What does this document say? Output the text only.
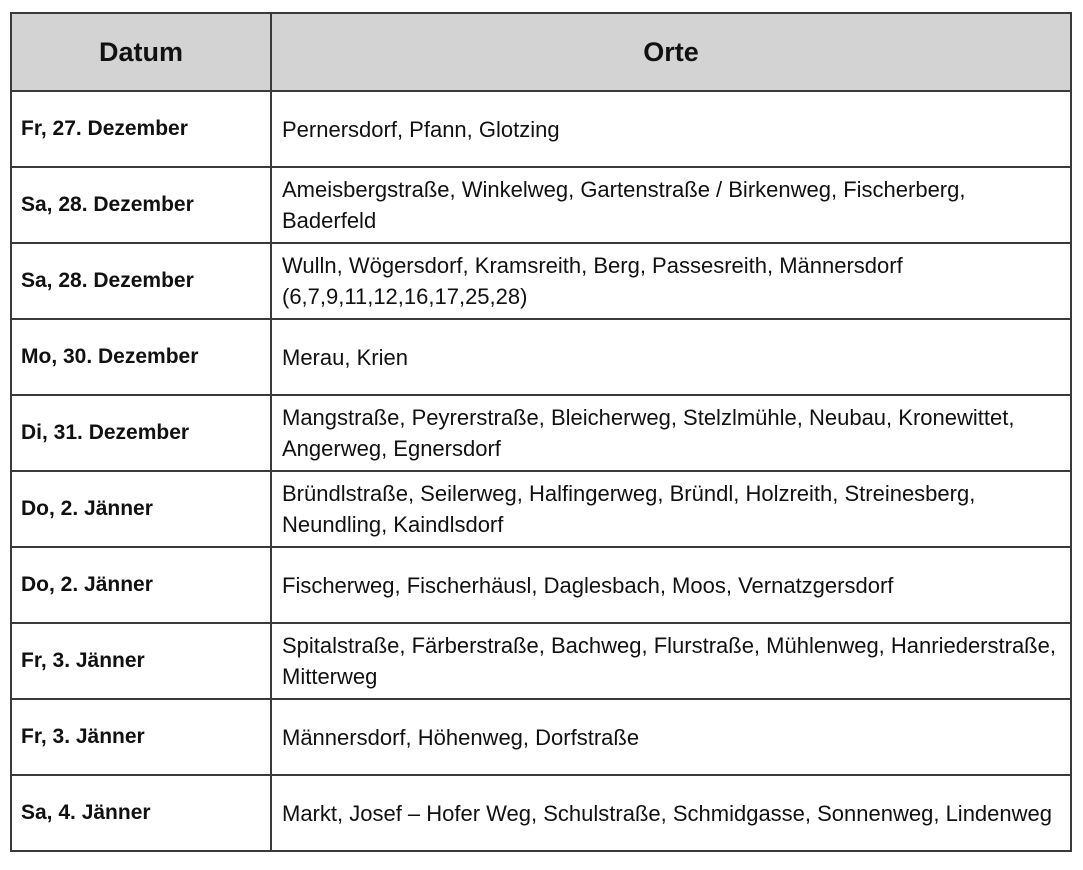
Datum	Orte
Fr, 27. Dezember	Pernersdorf, Pfann, Glotzing
Sa, 28. Dezember	Ameisbergstraße, Winkelweg, Gartenstraße / Birkenweg, Fischerberg, Baderfeld
Sa, 28. Dezember	Wulln, Wögersdorf, Kramsreith, Berg, Passesreith, Männersdorf (6,7,9,11,12,16,17,25,28)
Mo, 30. Dezember	Merau, Krien
Di, 31. Dezember	Mangstraße, Peyrerstraße, Bleicherweg, Stelzlmühle, Neubau, Kronewittet, Angerweg, Egnersdorf
Do, 2. Jänner	Bründlstraße, Seilerweg, Halfingerweg, Bründl, Holzreith, Streinesberg, Neundling, Kaindlsdorf
Do, 2. Jänner	Fischerweg, Fischerhäusl, Daglesbach, Moos, Vernatzgersdorf
Fr, 3. Jänner	Spitalstraße, Färberstraße, Bachweg, Flurstraße, Mühlenweg, Hanriederstraße, Mitterweg
Fr, 3. Jänner	Männersdorf, Höhenweg, Dorfstraße
Sa, 4. Jänner	Markt, Josef – Hofer Weg, Schulstraße, Schmidgasse, Sonnenweg, Lindenweg
